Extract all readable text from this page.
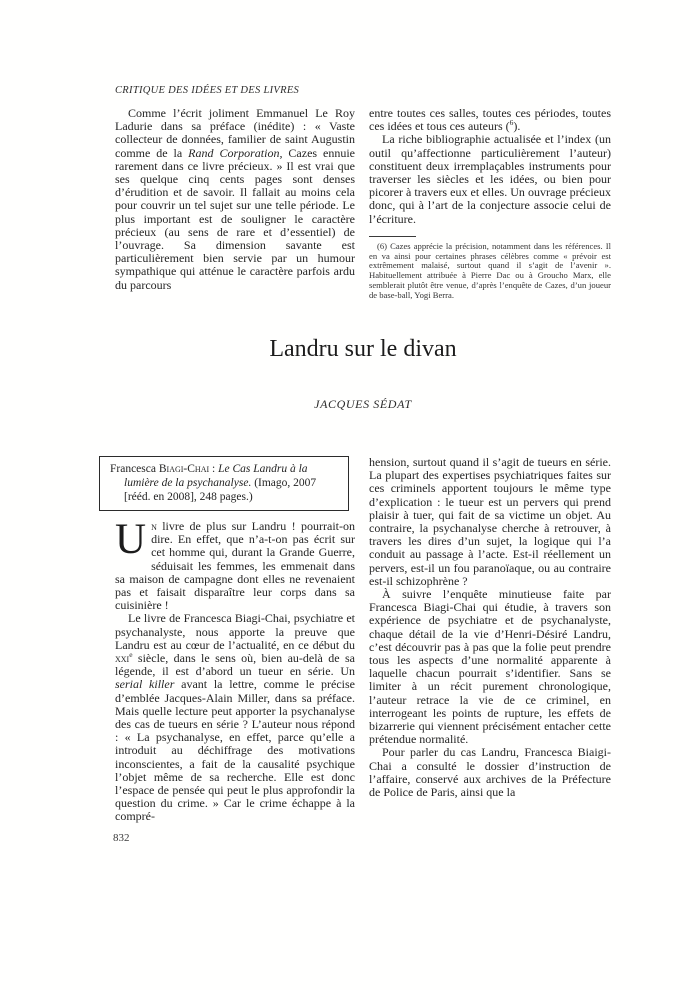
CRITIQUE DES IDÉES ET DES LIVRES

Comme l’écrit joliment Emmanuel Le Roy Ladurie dans sa préface (inédite) : « Vaste collecteur de données, familier de saint Augustin comme de la Rand Corporation, Cazes ennuie rarement dans ce livre précieux. » Il est vrai que ses quelque cinq cents pages sont denses d’érudition et de savoir. Il fallait au moins cela pour couvrir un tel sujet sur une telle période. Le plus important est de souligner le caractère précieux (au sens de rare et d’essentiel) de l’ouvrage. Sa dimension savante est particulièrement bien servie par un humour sympathique qui atténue le caractère parfois ardu du parcours

entre toutes ces salles, toutes ces périodes, toutes ces idées et tous ces auteurs ($^6$).

La riche bibliographie actualisée et l’index (un outil qu’affectionne particulièrement l’auteur) constituent deux irremplaçables instruments pour traverser les siècles et les idées, ou bien pour picorer à travers eux et elles. Un ouvrage précieux donc, qui à l’art de la conjecture associe celui de l’écriture.

(6) Cazes apprécie la précision, notamment dans les références. Il en va ainsi pour certaines phrases célèbres comme « prévoir est extrêmement malaisé, surtout quand il s’agit de l’avenir ». Habituellement attribuée à Pierre Dac ou à Groucho Marx, elle semblerait plutôt être venue, d’après l’enquête de Cazes, d’un joueur de base-ball, Yogi Berra.

Landru sur le divan
JACQUES SÉDAT

Francesca Biagi-Chai : Le Cas Landru à la lumière de la psychanalyse. (Imago, 2007 [rééd. en 2008], 248 pages.)

Un livre de plus sur Landru ! pourrait-on dire. En effet, que n’a-t-on pas écrit sur cet homme qui, durant la Grande Guerre, séduisait les femmes, les emmenait dans sa maison de campagne dont elles ne revenaient pas et faisait disparaître leur corps dans sa cuisinière !

Le livre de Francesca Biagi-Chai, psychiatre et psychanalyste, nous apporte la preuve que Landru est au cœur de l’actualité, en ce début du xxi$^e$ siècle, dans le sens où, bien au-delà de sa légende, il est d’abord un tueur en série. Un serial killer avant la lettre, comme le précise d’emblée Jacques-Alain Miller, dans sa préface. Mais quelle lecture peut apporter la psychanalyse des cas de tueurs en série ? L’auteur nous répond : « La psychanalyse, en effet, parce qu’elle a introduit au déchiffrage des motivations inconscientes, a fait de la causalité psychique l’objet même de sa recherche. Elle est donc l’espace de pensée qui peut le plus approfondir la question du crime. » Car le crime échappe à la compré-

hension, surtout quand il s’agit de tueurs en série. La plupart des expertises psychiatriques faites sur ces criminels apportent toujours le même type d’explication : le tueur est un pervers qui prend plaisir à tuer, qui fait de sa victime un objet. Au contraire, la psychanalyse cherche à retrouver, à travers les dires d’un sujet, la logique qui l’a conduit au passage à l’acte. Est-il réellement un pervers, est-il un fou paranoïaque, ou au contraire est-il schizophrène ?

À suivre l’enquête minutieuse faite par Francesca Biagi-Chai qui étudie, à travers son expérience de psychiatre et de psychanalyste, chaque détail de la vie d’Henri-Désiré Landru, c’est découvrir pas à pas que la folie peut prendre tous les aspects d’une normalité apparente à laquelle chacun pourrait s’identifier. Sans se limiter à un récit purement chronologique, l’auteur retrace la vie de ce criminel, en interrogeant les points de rupture, les effets de bizarrerie qui viennent précisément entacher cette prétendue normalité.

Pour parler du cas Landru, Francesca Biaigi-Chai a consulté le dossier d’instruction de l’affaire, conservé aux archives de la Préfecture de Police de Paris, ainsi que la

832
